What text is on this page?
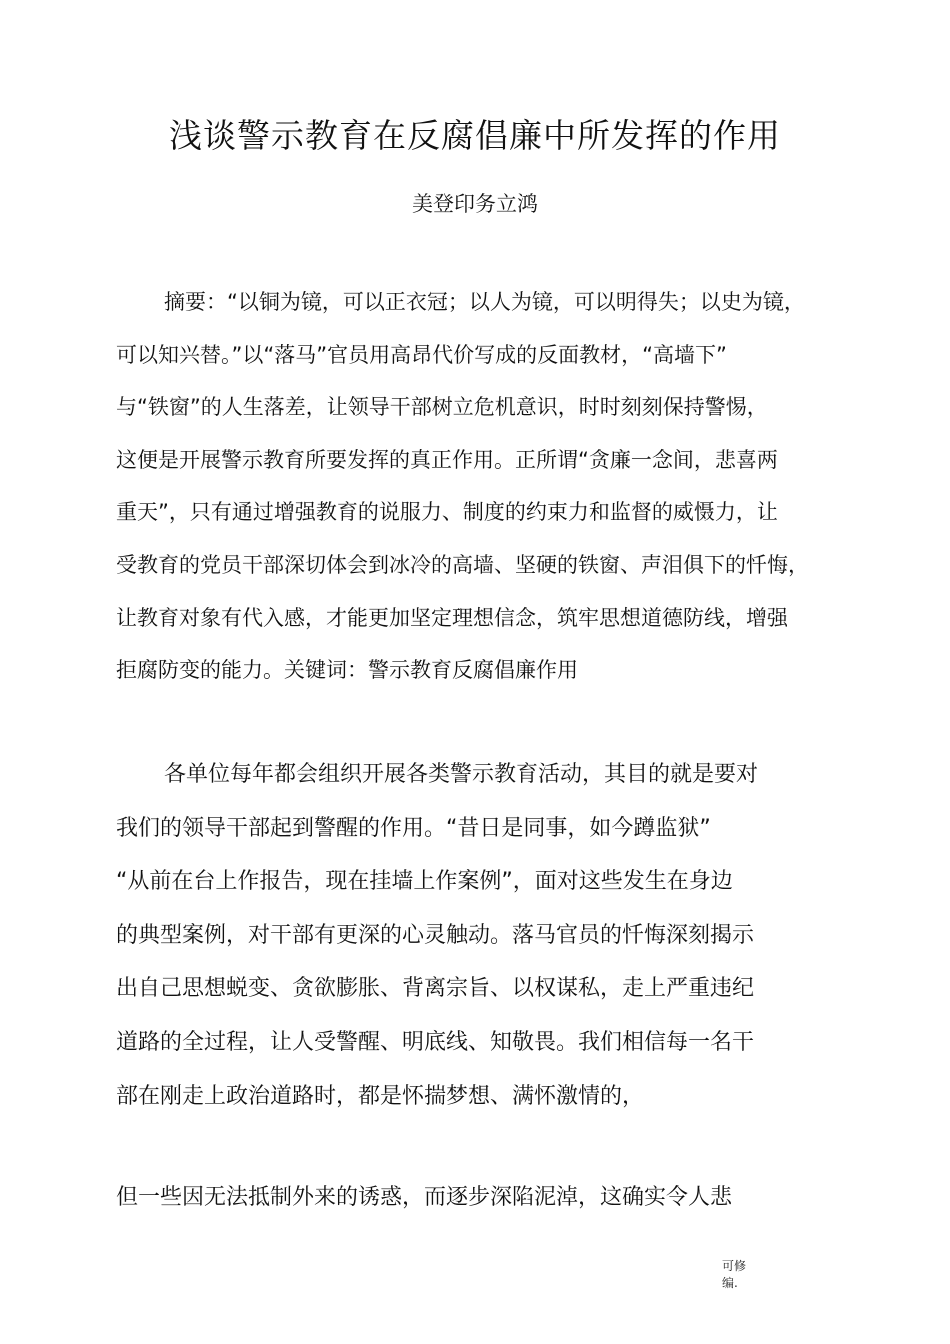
浅谈警示教育在反腐倡廉中所发挥的作用
美登印务立鸿
摘要：“以铜为镜，可以正衣冠；以人为镜，可以明得失；以史为镜，
可以知兴替。”以“落马”官员用高昂代价写成的反面教材，“高墙下”
与“铁窗”的人生落差，让领导干部树立危机意识，时时刻刻保持警惕，
这便是开展警示教育所要发挥的真正作用。正所谓“贪廉一念间，悲喜两
重天”，只有通过增强教育的说服力、制度的约束力和监督的威慑力，让
受教育的党员干部深切体会到冰冷的高墙、坚硬的铁窗、声泪俱下的忏悔，
让教育对象有代入感，才能更加坚定理想信念，筑牢思想道德防线，增强
拒腐防变的能力。关键词：警示教育反腐倡廉作用
各单位每年都会组织开展各类警示教育活动，其目的就是要对
我们的领导干部起到警醒的作用。“昔日是同事，如今蹲监狱”
“从前在台上作报告，现在挂墙上作案例”，面对这些发生在身边
的典型案例，对干部有更深的心灵触动。落马官员的忏悔深刻揭示
出自己思想蜕变、贪欲膨胀、背离宗旨、以权谋私，走上严重违纪
道路的全过程，让人受警醒、明底线、知敬畏。我们相信每一名干
部在刚走上政治道路时，都是怀揣梦想、满怀激情的，
但一些因无法抵制外来的诱惑，而逐步深陷泥淖，这确实令人悲
可修
编.
